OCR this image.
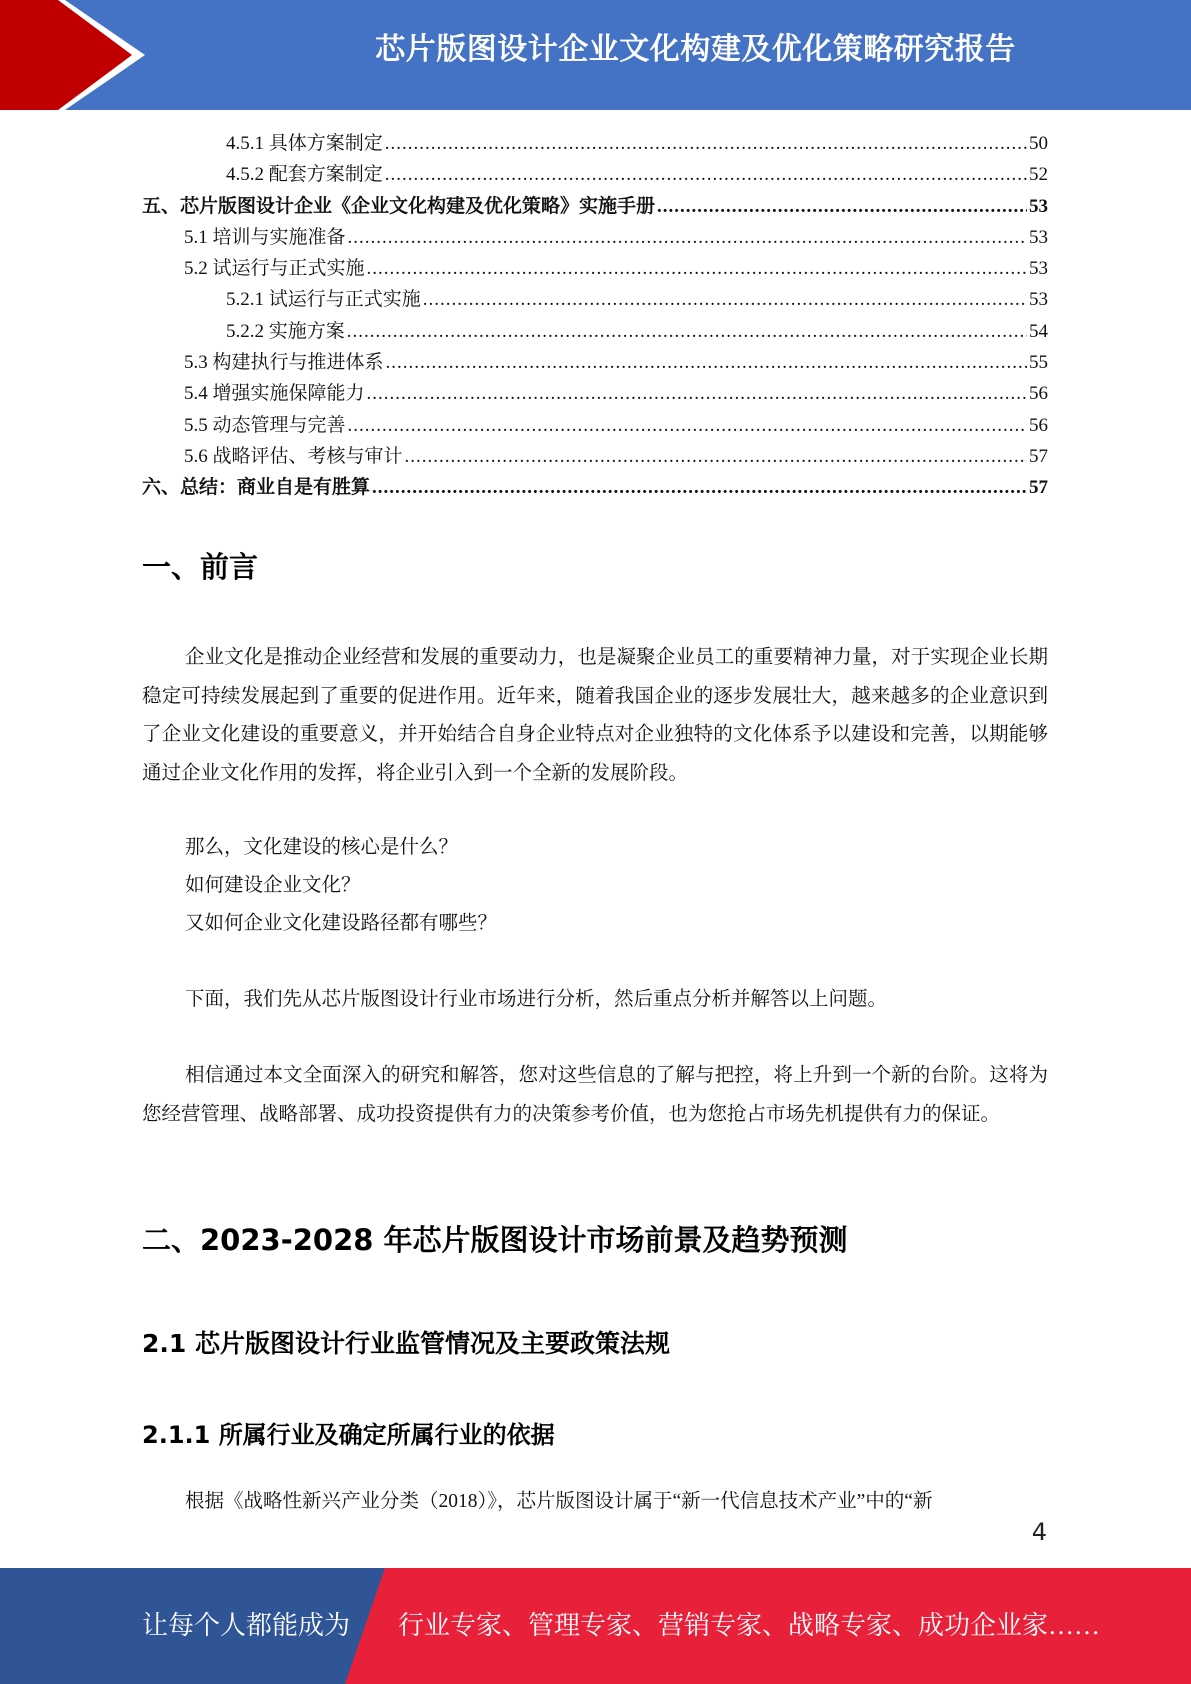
芯片版图设计企业文化构建及优化策略研究报告
4.5.1 具体方案制定 .....	50
4.5.2 配套方案制定 .....	52
五、芯片版图设计企业《企业文化构建及优化策略》实施手册 .....	53
5.1 培训与实施准备 .....	53
5.2 试运行与正式实施 .....	53
5.2.1 试运行与正式实施 .....	53
5.2.2 实施方案 .....	54
5.3 构建执行与推进体系 .....	55
5.4 增强实施保障能力 .....	56
5.5 动态管理与完善 .....	56
5.6 战略评估、考核与审计 .....	57
六、总结：商业自是有胜算 .....	57
一、前言

企业文化是推动企业经营和发展的重要动力，也是凝聚企业员工的重要精神力量，对于实现企业长期稳定可持续发展起到了重要的促进作用。近年来，随着我国企业的逐步发展壮大，越来越多的企业意识到了企业文化建设的重要意义，并开始结合自身企业特点对企业独特的文化体系予以建设和完善，以期能够通过企业文化作用的发挥，将企业引入到一个全新的发展阶段。

那么，文化建设的核心是什么？

如何建设企业文化？

又如何企业文化建设路径都有哪些？

下面，我们先从芯片版图设计行业市场进行分析，然后重点分析并解答以上问题。

相信通过本文全面深入的研究和解答，您对这些信息的了解与把控，将上升到一个新的台阶。这将为您经营管理、战略部署、成功投资提供有力的决策参考价值，也为您抢占市场先机提供有力的保证。

二、2023-2028 年芯片版图设计市场前景及趋势预测
2.1 芯片版图设计行业监管情况及主要政策法规
2.1.1 所属行业及确定所属行业的依据

根据《战略性新兴产业分类（2018）》，芯片版图设计属于“新一代信息技术产业”中的“新

4
让每个人都能成为 行业专家、管理专家、营销专家、战略专家、成功企业家……
